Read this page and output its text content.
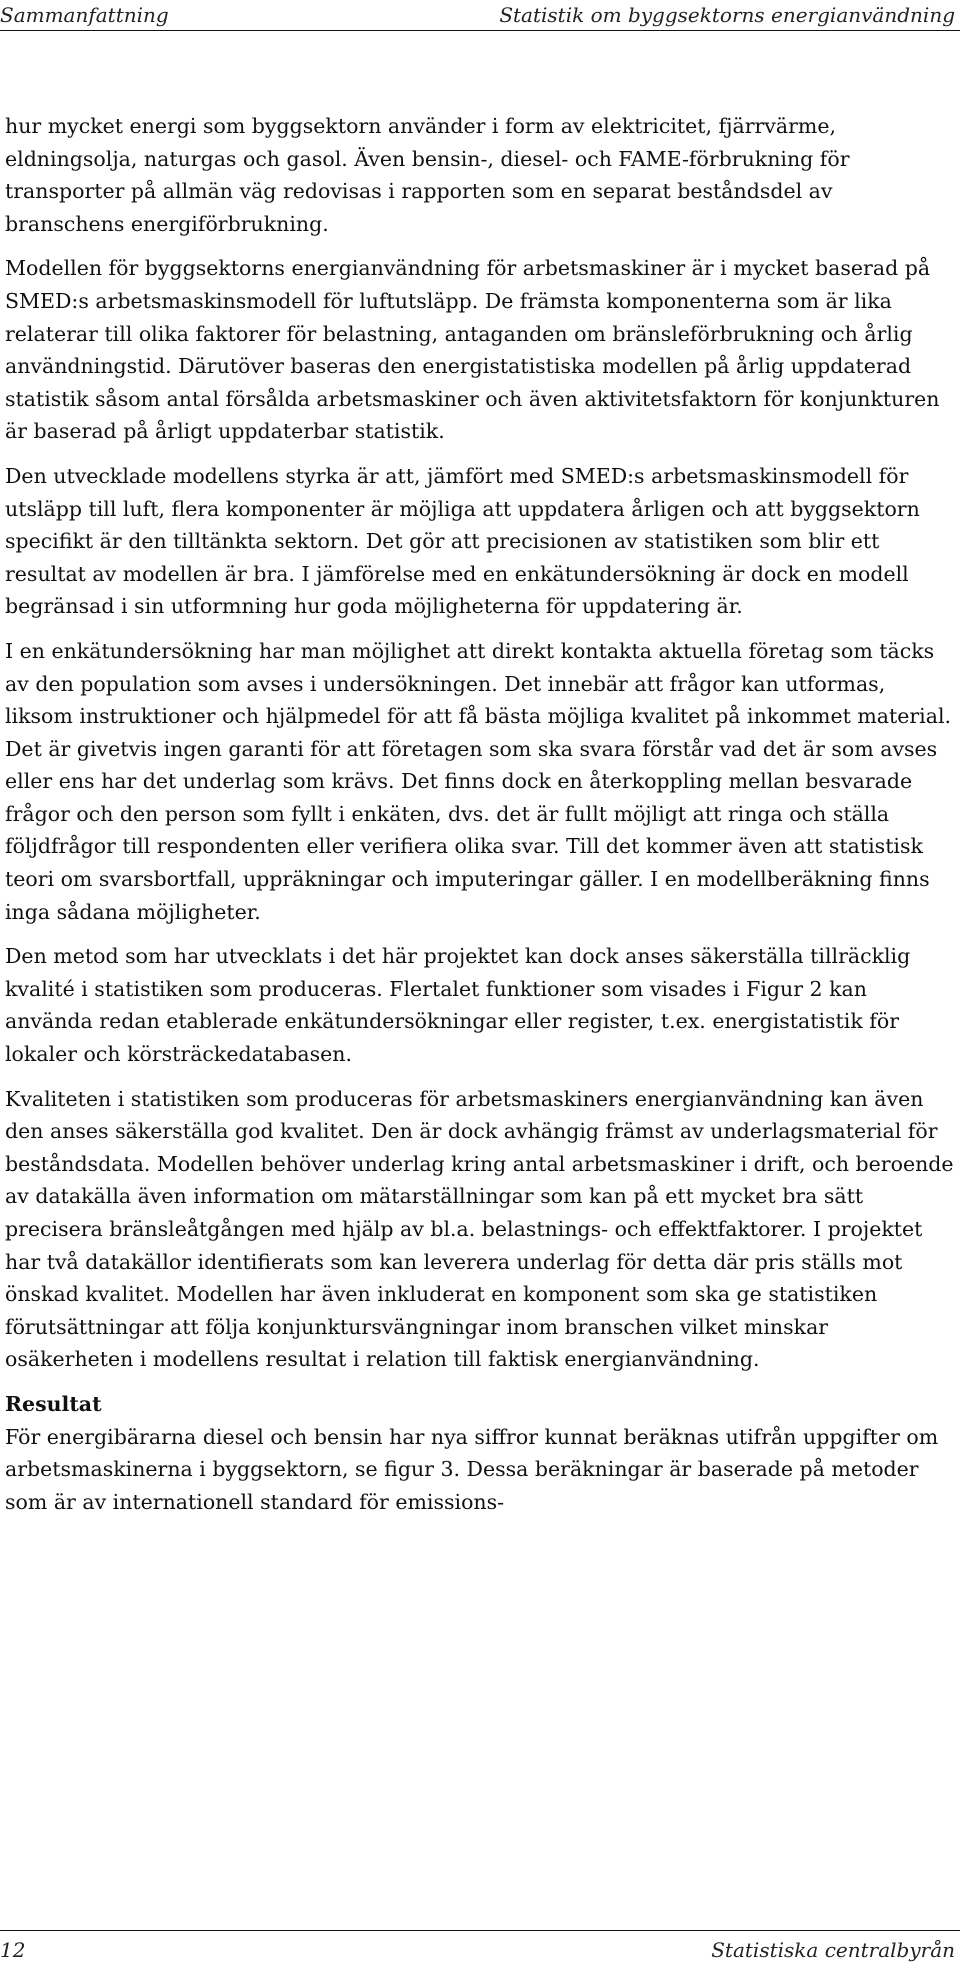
Sammanfattning	Statistik om byggsektorns energianvändning

hur mycket energi som byggsektorn använder i form av elektricitet, fjärrvärme, eldningsolja, naturgas och gasol. Även bensin-, diesel- och FAME-förbrukning för transporter på allmän väg redovisas i rapporten som en separat beståndsdel av branschens energiförbrukning.

Modellen för byggsektorns energianvändning för arbetsmaskiner är i mycket baserad på SMED:s arbetsmaskinsmodell för luftutsläpp. De främsta komponenterna som är lika relaterar till olika faktorer för belastning, antaganden om bränsleförbrukning och årlig användningstid. Därutöver baseras den energistatistiska modellen på årlig uppdaterad statistik såsom antal försålda arbetsmaskiner och även aktivitetsfaktorn för konjunkturen är baserad på årligt uppdaterbar statistik.

Den utvecklade modellens styrka är att, jämfört med SMED:s arbetsmaskinsmodell för utsläpp till luft, flera komponenter är möjliga att uppdatera årligen och att byggsektorn specifikt är den tilltänkta sektorn. Det gör att precisionen av statistiken som blir ett resultat av modellen är bra. I jämförelse med en enkätundersökning är dock en modell begränsad i sin utformning hur goda möjligheterna för uppdatering är.

I en enkätundersökning har man möjlighet att direkt kontakta aktuella företag som täcks av den population som avses i undersökningen. Det innebär att frågor kan utformas, liksom instruktioner och hjälpmedel för att få bästa möjliga kvalitet på inkommet material. Det är givetvis ingen garanti för att företagen som ska svara förstår vad det är som avses eller ens har det underlag som krävs. Det finns dock en återkoppling mellan besvarade frågor och den person som fyllt i enkäten, dvs. det är fullt möjligt att ringa och ställa följdfrågor till respondenten eller verifiera olika svar. Till det kommer även att statistisk teori om svarsbortfall, uppräkningar och imputeringar gäller. I en modellberäkning finns inga sådana möjligheter.

Den metod som har utvecklats i det här projektet kan dock anses säkerställa tillräcklig kvalité i statistiken som produceras. Flertalet funktioner som visades i Figur 2 kan använda redan etablerade enkätundersökningar eller register, t.ex. energistatistik för lokaler och körsträckedatabasen.

Kvaliteten i statistiken som produceras för arbetsmaskiners energianvändning kan även den anses säkerställa god kvalitet. Den är dock avhängig främst av underlagsmaterial för beståndsdata. Modellen behöver underlag kring antal arbetsmaskiner i drift, och beroende av datakälla även information om mätarställningar som kan på ett mycket bra sätt precisera bränsleåtgången med hjälp av bl.a. belastnings- och effektfaktorer. I projektet har två datakällor identifierats som kan leverera underlag för detta där pris ställs mot önskad kvalitet. Modellen har även inkluderat en komponent som ska ge statistiken förutsättningar att följa konjunktursvängningar inom branschen vilket minskar osäkerheten i modellens resultat i relation till faktisk energianvändning.

Resultat

För energibärarna diesel och bensin har nya siffror kunnat beräknas utifrån uppgifter om arbetsmaskinerna i byggsektorn, se figur 3. Dessa beräkningar är baserade på metoder som är av internationell standard för emissions-

12	Statistiska centralbyrån
